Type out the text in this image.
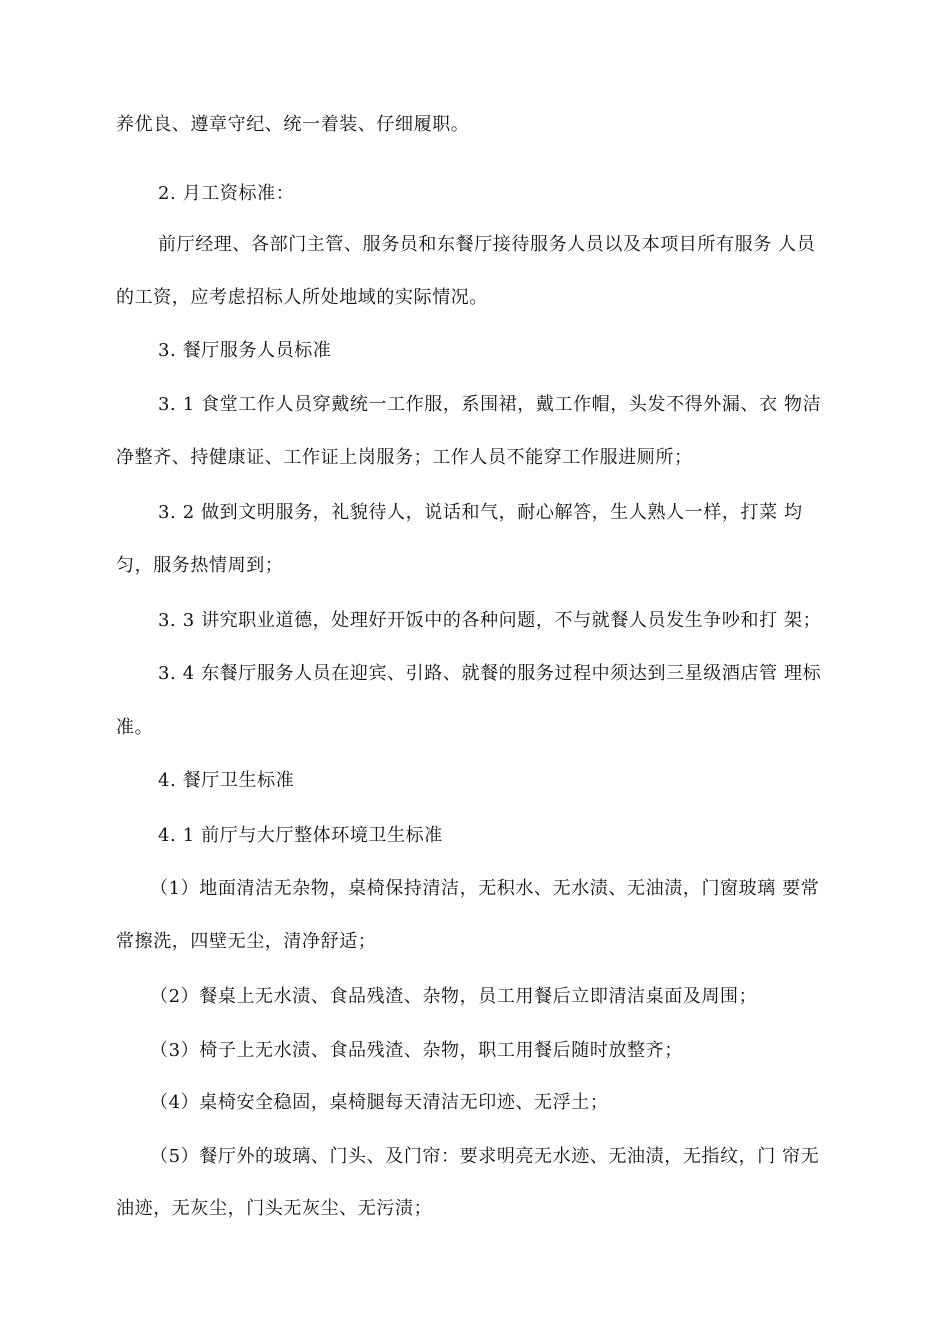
养优良、遵章守纪、统一着装、仔细履职。
2. 月工资标准：
前厅经理、各部门主管、服务员和东餐厅接待服务人员以及本项目所有服务 人员
的工资，应考虑招标人所处地域的实际情况。
3. 餐厅服务人员标准
3. 1 食堂工作人员穿戴统一工作服，系围裙，戴工作帽，头发不得外漏、衣 物洁
净整齐、持健康证、工作证上岗服务；工作人员不能穿工作服进厕所；
3. 2 做到文明服务，礼貌待人，说话和气，耐心解答，生人熟人一样，打菜 均
匀，服务热情周到；
3. 3 讲究职业道德，处理好开饭中的各种问题，不与就餐人员发生争吵和打 架；
3. 4 东餐厅服务人员在迎宾、引路、就餐的服务过程中须达到三星级酒店管 理标
准。
4. 餐厅卫生标准
4. 1 前厅与大厅整体环境卫生标准
（1）地面清洁无杂物，桌椅保持清洁，无积水、无水渍、无油渍，门窗玻璃 要常
常擦洗，四壁无尘，清净舒适；
（2）餐桌上无水渍、食品残渣、杂物，员工用餐后立即清洁桌面及周围；
（3）椅子上无水渍、食品残渣、杂物，职工用餐后随时放整齐；
（4）桌椅安全稳固，桌椅腿每天清洁无印迹、无浮土；
（5）餐厅外的玻璃、门头、及门帘：要求明亮无水迹、无油渍，无指纹，门 帘无
油迹，无灰尘，门头无灰尘、无污渍；
